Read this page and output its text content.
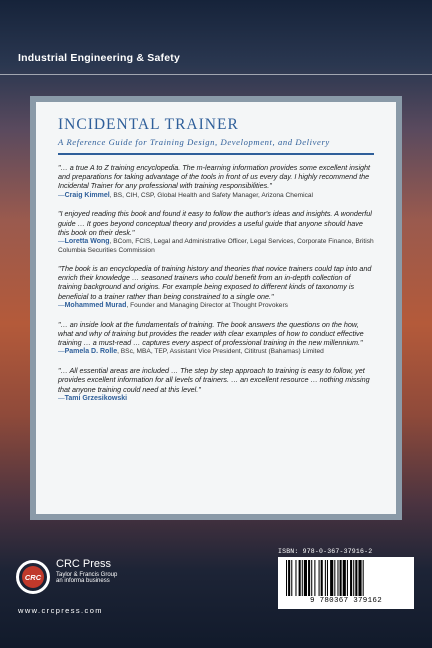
Industrial Engineering & Safety
INCIDENTAL TRAINER
A Reference Guide for Training Design, Development, and Delivery

"… a true A to Z training encyclopedia. The m-learning information provides some excellent insight and preparations for taking advantage of the tools in front of us every day. I highly recommend the Incidental Trainer for any professional with training responsibilities."

—Craig Kimmel, BS, CIH, CSP, Global Health and Safety Manager, Arizona Chemical

"I enjoyed reading this book and found it easy to follow the author's ideas and insights. A wonderful guide … It goes beyond conceptual theory and provides a useful guide that anyone should have this book on their desk."

—Loretta Wong, BCom, FCIS, Legal and Administrative Officer, Legal Services, Corporate Finance, British Columbia Securities Commission

"The book is an encyclopedia of training history and theories that novice trainers could tap into and enrich their knowledge … seasoned trainers who could benefit from an in-depth collection of training background and origins. For example being exposed to different kinds of taxonomy is beneficial to a trainer rather than being constrained to a single one."

—Mohammed Murad, Founder and Managing Director at Thought Provokers

"… an inside look at the fundamentals of training. The book answers the questions on the how, what and why of training but provides the reader with clear examples of how to conduct effective training … a must-read … captures every aspect of professional training in the new millennium."

—Pamela D. Rolle, BSc, MBA, TEP, Assistant Vice President, Cititrust (Bahamas) Limited

"… All essential areas are included … The step by step approach to training is easy to follow, yet provides excellent information for all levels of trainers. … an excellent resource … nothing missing that anyone training could need at this level."

—Tami Grzesikowski

CRC
CRC Press
Taylor & Francis Group
an informa business
www.crcpress.com
ISBN: 978-0-367-37916-2
9 780367 379162
